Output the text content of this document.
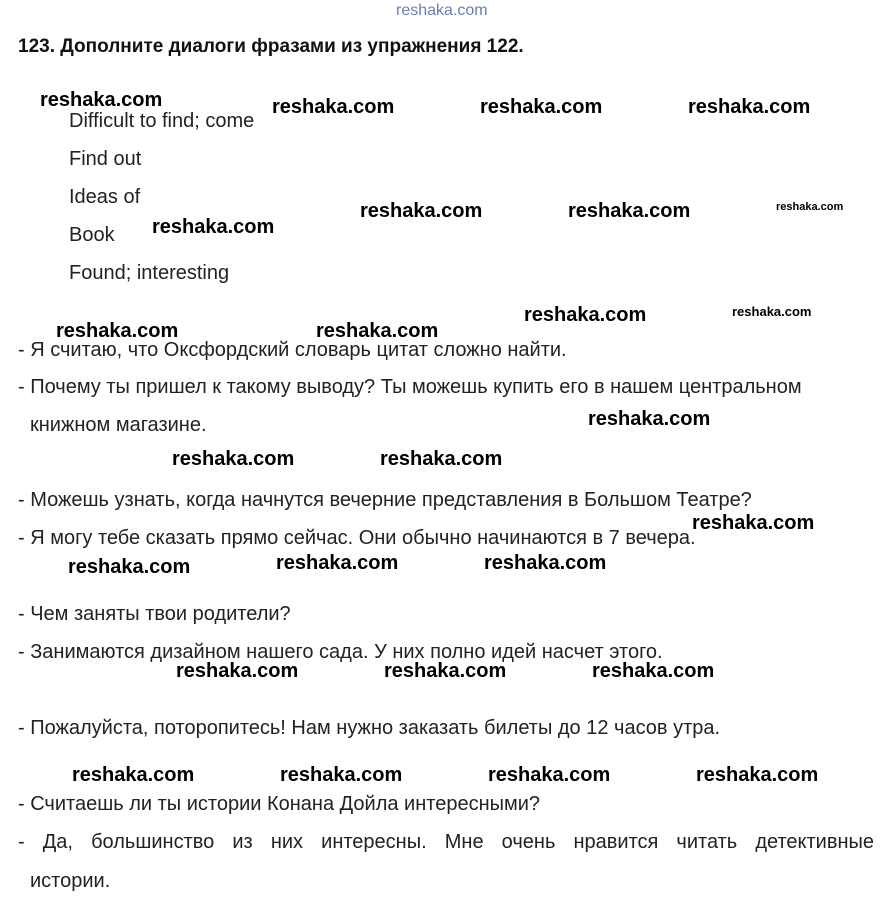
reshaka.com
123. Дополните диалоги фразами из упражнения 122.
Difficult to find; come
Find out
Ideas of
Book
Found; interesting
- Я считаю, что Оксфордский словарь цитат сложно найти.
- Почему ты пришел к такому выводу? Ты можешь купить его в нашем центральном
книжном магазине.
- Можешь узнать, когда начнутся вечерние представления в Большом Театре?
- Я могу тебе сказать прямо сейчас. Они обычно начинаются в 7 вечера.
- Чем заняты твои родители?
- Занимаются дизайном нашего сада. У них полно идей насчет этого.
- Пожалуйста, поторопитесь! Нам нужно заказать билеты до 12 часов утра.
- Считаешь ли ты истории Конана Дойла интересными?
- Да, большинство из них интересны. Мне очень нравится читать детективные
истории.
reshaka.com	reshaka.com	reshaka.com	reshaka.com
reshaka.com
reshaka.com	reshaka.com	reshaka.com
reshaka.com	reshaka.com
reshaka.com	reshaka.com
reshaka.com
reshaka.com	reshaka.com
reshaka.com
reshaka.com	reshaka.com	reshaka.com
reshaka.com	reshaka.com	reshaka.com
reshaka.com	reshaka.com	reshaka.com	reshaka.com
